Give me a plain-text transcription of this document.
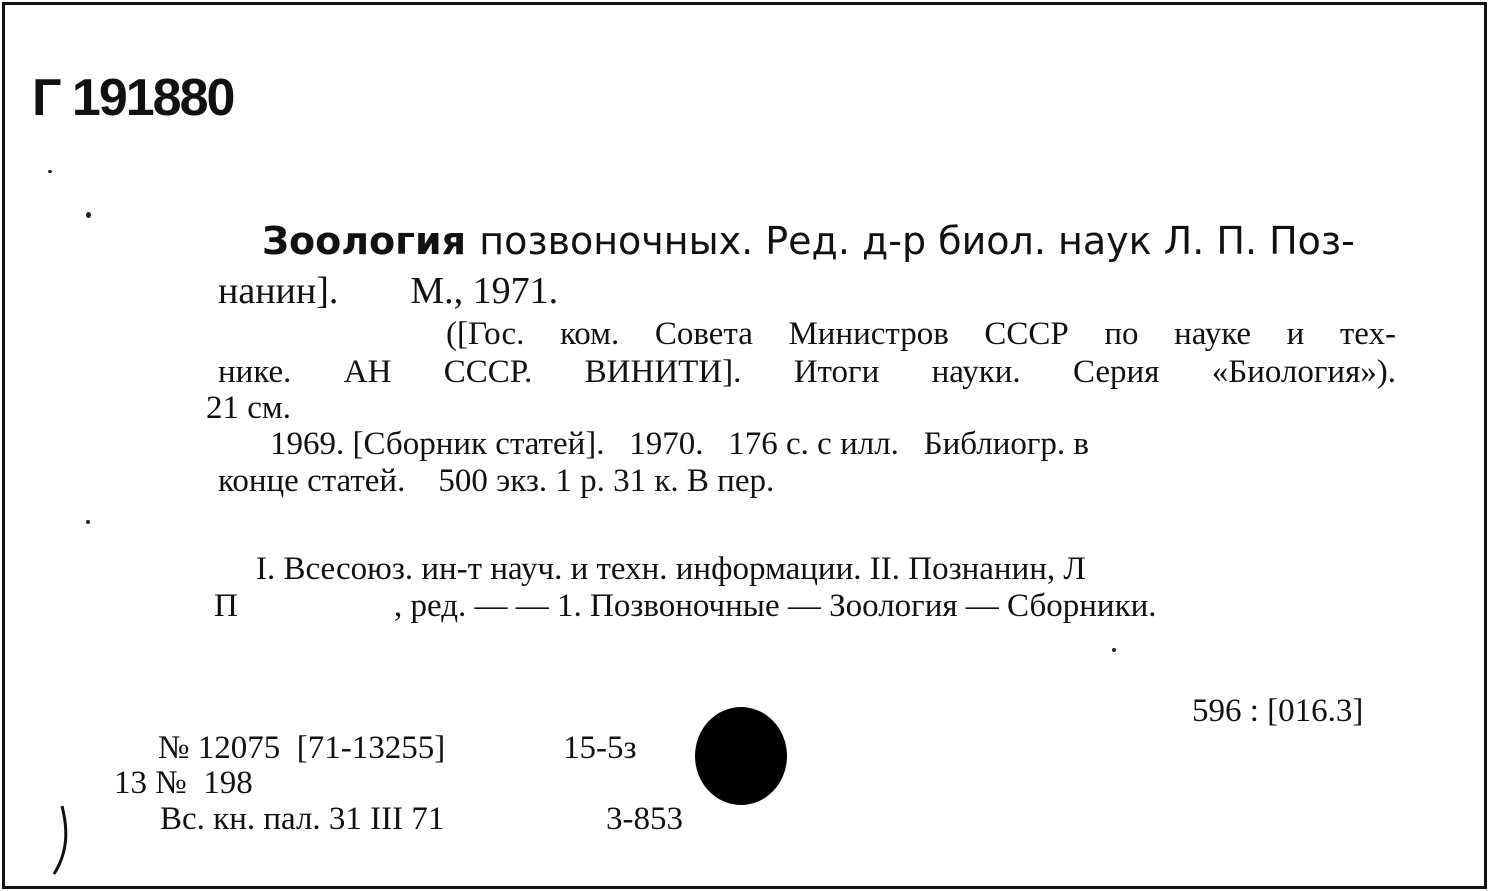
Г 191880
Зоология позвоночных. Ред. д-р биол. наук Л. П. Поз-
нанин]. М., 1971.
([Гос. ком. Совета Министров СССР по науке и тех-
нике. АН СССР. ВИНИТИ]. Итоги науки. Серия «Биология»).
21 см.
1969. [Сборник статей].   1970.   176 с. с илл.   Библиогр. в
конце статей.    500 экз. 1 р. 31 к. В пер.
I. Всесоюз. ин-т науч. и техн. информации. II. Познанин, Л
П	, ред. — — 1. Позвоночные — Зоология — Сборники.
596 : [016.3]
№ 12075  [71-13255]	15-5з
13 №  198
Вс. кн. пал. 31 III 71	3-853
